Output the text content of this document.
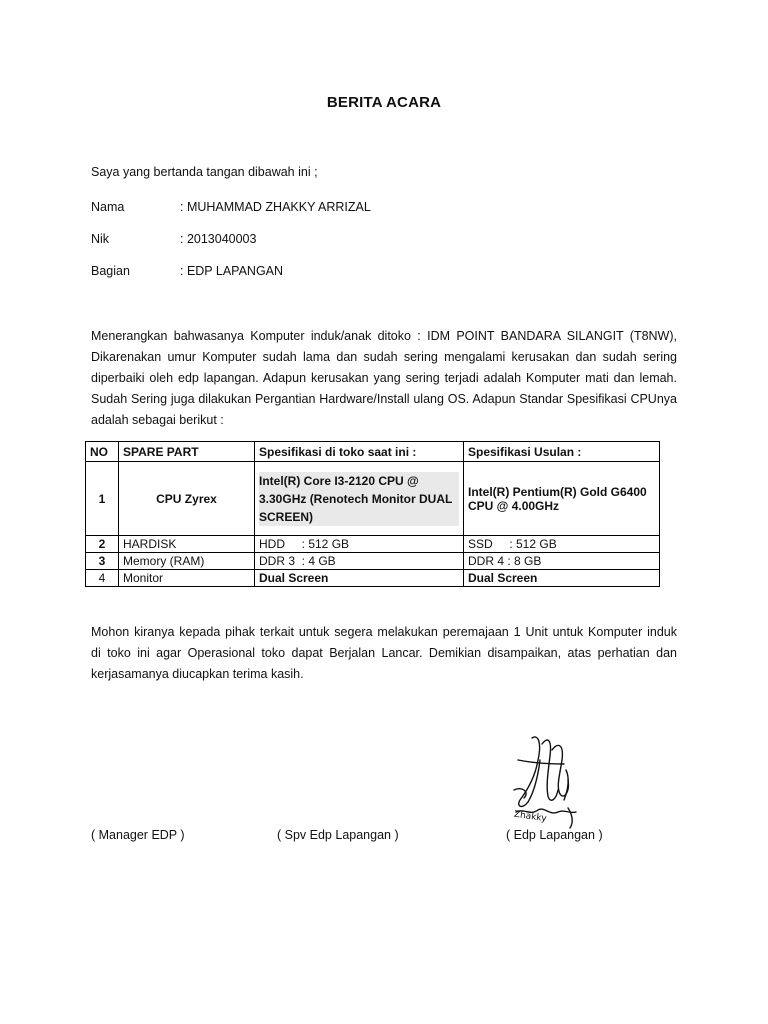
BERITA ACARA
Saya yang bertanda tangan dibawah ini ;
Nama	: MUHAMMAD ZHAKKY ARRIZAL
Nik	: 2013040003
Bagian	: EDP LAPANGAN
Menerangkan bahwasanya Komputer induk/anak ditoko : IDM POINT BANDARA SILANGIT (T8NW),
Dikarenakan umur Komputer sudah lama dan sudah sering mengalami kerusakan dan sudah sering
diperbaiki oleh edp lapangan. Adapun kerusakan yang sering terjadi adalah Komputer mati dan lemah.
Sudah Sering juga dilakukan Pergantian Hardware/Install ulang OS. Adapun Standar Spesifikasi CPUnya
adalah sebagai berikut :
NO	SPARE PART	Spesifikasi di toko saat ini :	Spesifikasi Usulan :
1	CPU Zyrex	Intel(R) Core I3-2120 CPU @ 3.30GHz (Renotech Monitor DUAL SCREEN)	Intel(R) Pentium(R) Gold G6400 CPU @ 4.00GHz
2	HARDISK	HDD     : 512 GB	SSD     : 512 GB
3	Memory (RAM)	DDR 3  : 4 GB	DDR 4 : 8 GB
4	Monitor	Dual Screen	Dual Screen
Mohon kiranya kepada pihak terkait untuk segera melakukan peremajaan 1 Unit untuk Komputer induk
di toko ini agar Operasional toko dapat Berjalan Lancar. Demikian disampaikan, atas perhatian dan
kerjasamanya diucapkan terima kasih.
Zhakky
( Manager EDP )	( Spv Edp Lapangan )	( Edp Lapangan )
